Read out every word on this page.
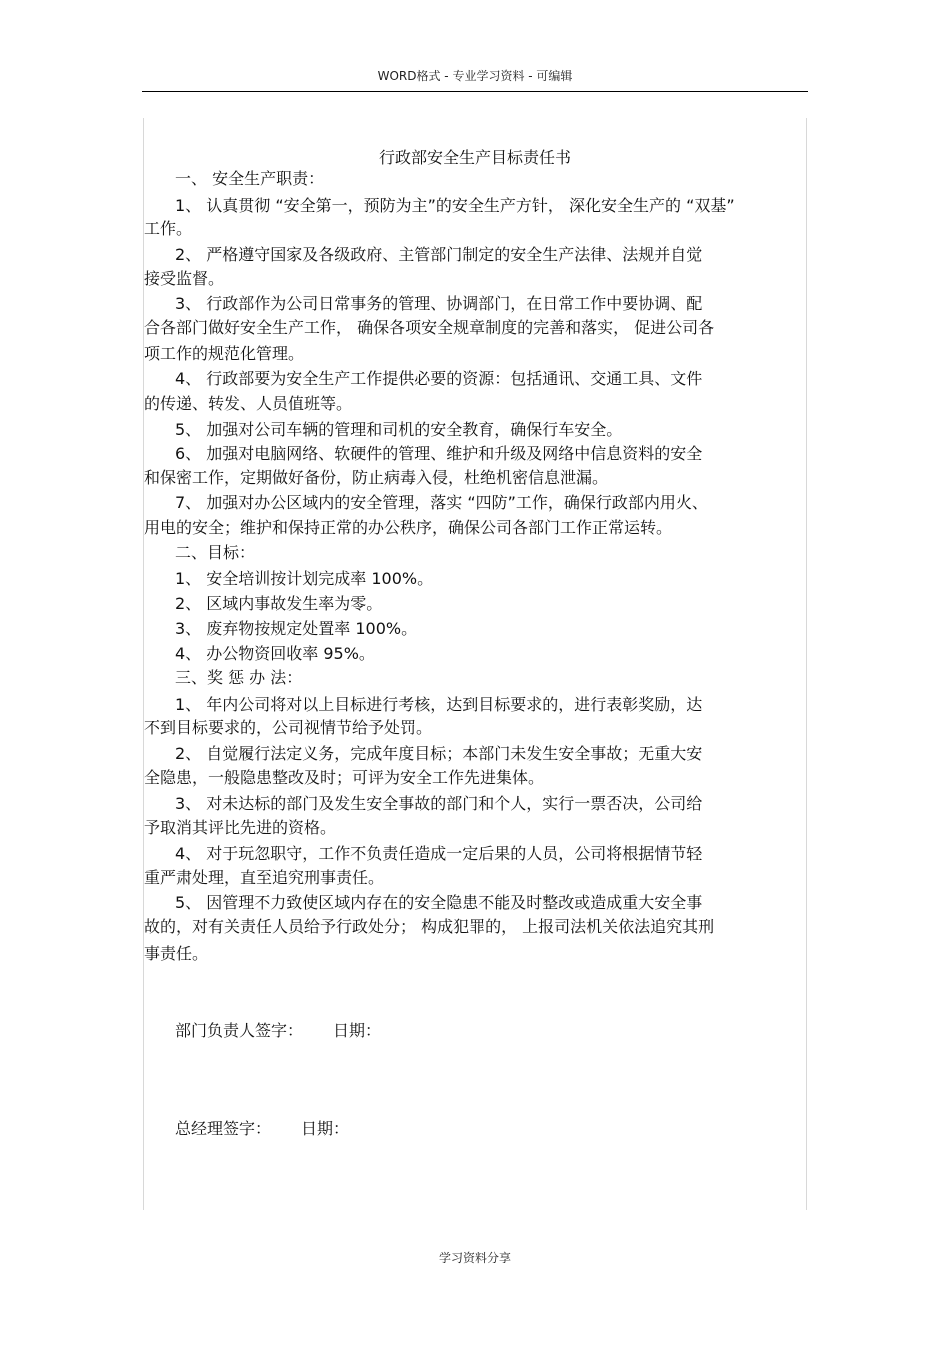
WORD格式 - 专业学习资料 - 可编辑
行政部安全生产目标责任书
一、 安全生产职责：
1、 认真贯彻 “安全第一，预防为主”的安全生产方针， 深化安全生产的 “双基”
工作。
2、 严格遵守国家及各级政府、主管部门制定的安全生产法律、法规并自觉
接受监督。
3、 行政部作为公司日常事务的管理、协调部门，在日常工作中要协调、配
合各部门做好安全生产工作， 确保各项安全规章制度的完善和落实， 促进公司各
项工作的规范化管理。
4、 行政部要为安全生产工作提供必要的资源：包括通讯、交通工具、文件
的传递、转发、人员值班等。
5、 加强对公司车辆的管理和司机的安全教育，确保行车安全。
6、 加强对电脑网络、软硬件的管理、维护和升级及网络中信息资料的安全
和保密工作，定期做好备份，防止病毒入侵，杜绝机密信息泄漏。
7、 加强对办公区域内的安全管理，落实 “四防”工作，确保行政部内用火、
用电的安全；维护和保持正常的办公秩序，确保公司各部门工作正常运转。
二、目标：
1、 安全培训按计划完成率 100%。
2、 区域内事故发生率为零。
3、 废弃物按规定处置率 100%。
4、 办公物资回收率 95%。
三、奖 惩 办 法：
1、 年内公司将对以上目标进行考核，达到目标要求的，进行表彰奖励，达
不到目标要求的，公司视情节给予处罚。
2、 自觉履行法定义务，完成年度目标；本部门未发生安全事故；无重大安
全隐患，一般隐患整改及时；可评为安全工作先进集体。
3、 对未达标的部门及发生安全事故的部门和个人，实行一票否决，公司给
予取消其评比先进的资格。
4、 对于玩忽职守，工作不负责任造成一定后果的人员，公司将根据情节轻
重严肃处理，直至追究刑事责任。
5、 因管理不力致使区域内存在的安全隐患不能及时整改或造成重大安全事
故的，对有关责任人员给予行政处分； 构成犯罪的， 上报司法机关依法追究其刑
事责任。
部门负责人签字： 日期：
总经理签字： 日期：
学习资料分享
